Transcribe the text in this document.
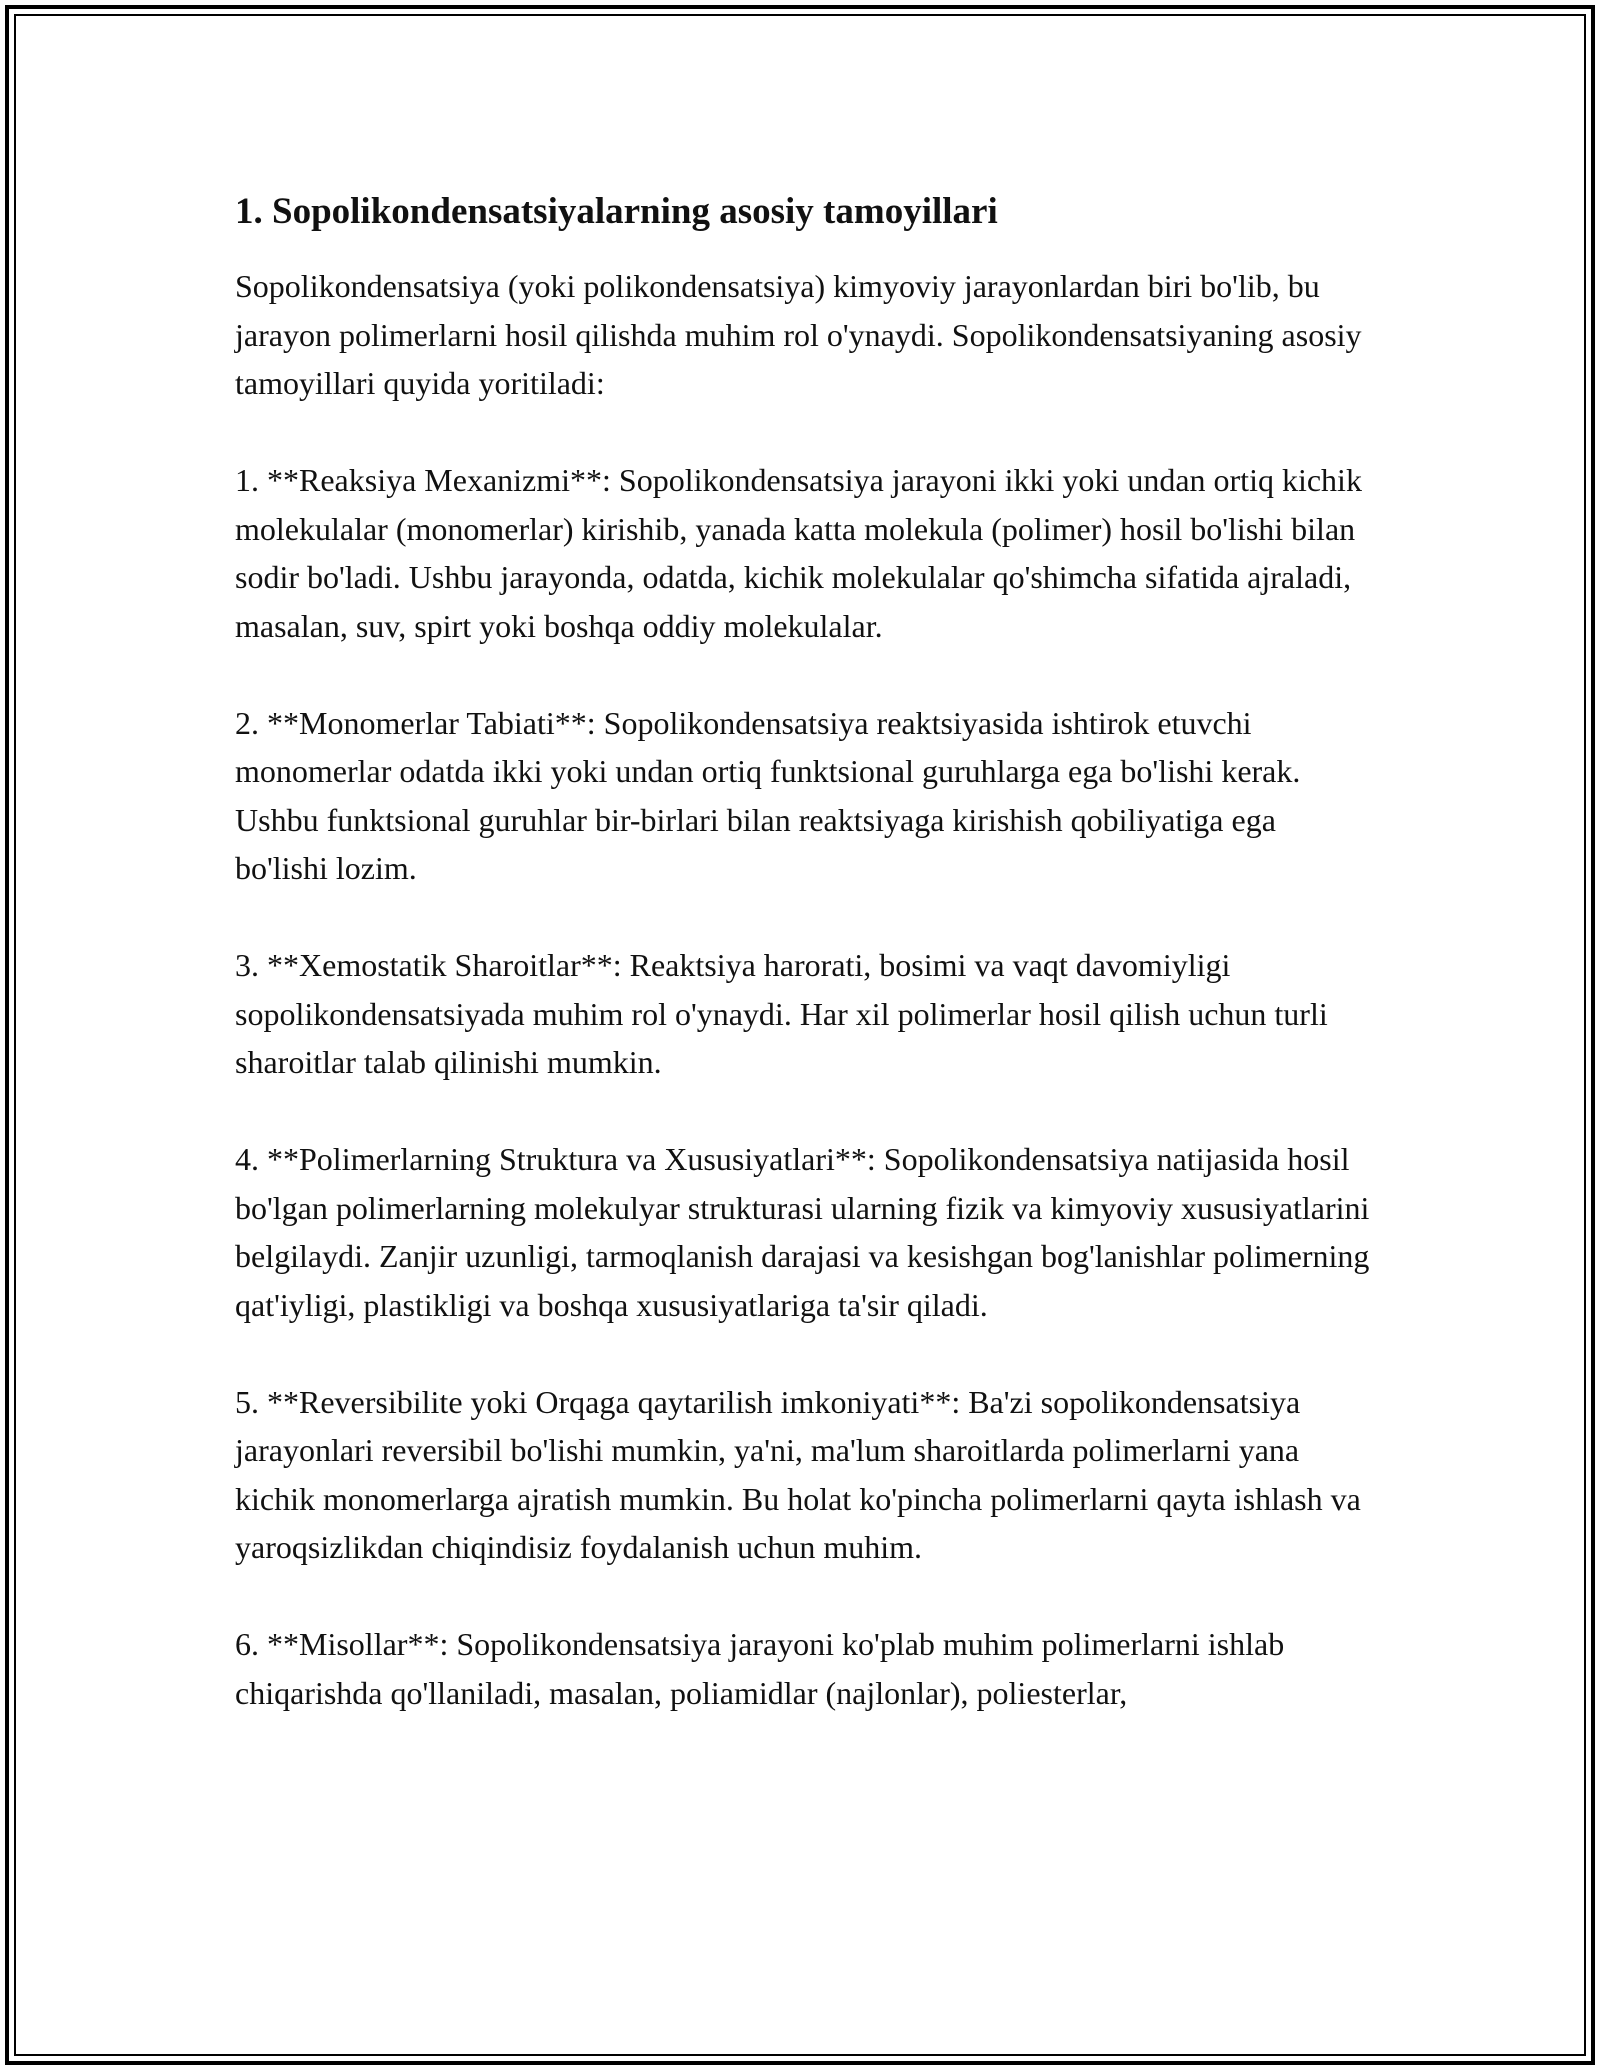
1. Sopolikondensatsiyalarning asosiy tamoyillari

Sopolikondensatsiya (yoki polikondensatsiya) kimyoviy jarayonlardan biri bo'lib, bu jarayon polimerlarni hosil qilishda muhim rol o'ynaydi. Sopolikondensatsiyaning asosiy tamoyillari quyida yoritiladi:

1. **Reaksiya Mexanizmi**: Sopolikondensatsiya jarayoni ikki yoki undan ortiq kichik molekulalar (monomerlar) kirishib, yanada katta molekula (polimer) hosil bo'lishi bilan sodir bo'ladi. Ushbu jarayonda, odatda, kichik molekulalar qo'shimcha sifatida ajraladi, masalan, suv, spirt yoki boshqa oddiy molekulalar.

2. **Monomerlar Tabiati**: Sopolikondensatsiya reaktsiyasida ishtirok etuvchi monomerlar odatda ikki yoki undan ortiq funktsional guruhlarga ega bo'lishi kerak. Ushbu funktsional guruhlar bir-birlari bilan reaktsiyaga kirishish qobiliyatiga ega bo'lishi lozim.

3. **Xemostatik Sharoitlar**: Reaktsiya harorati, bosimi va vaqt davomiyligi sopolikondensatsiyada muhim rol o'ynaydi. Har xil polimerlar hosil qilish uchun turli sharoitlar talab qilinishi mumkin.

4. **Polimerlarning Struktura va Xususiyatlari**: Sopolikondensatsiya natijasida hosil bo'lgan polimerlarning molekulyar strukturasi ularning fizik va kimyoviy xususiyatlarini belgilaydi. Zanjir uzunligi, tarmoqlanish darajasi va kesishgan bog'lanishlar polimerning qat'iyligi, plastikligi va boshqa xususiyatlariga ta'sir qiladi.

5. **Reversibilite yoki Orqaga qaytarilish imkoniyati**: Ba'zi sopolikondensatsiya jarayonlari reversibil bo'lishi mumkin, ya'ni, ma'lum sharoitlarda polimerlarni yana kichik monomerlarga ajratish mumkin. Bu holat ko'pincha polimerlarni qayta ishlash va yaroqsizlikdan chiqindisiz foydalanish uchun muhim.

6. **Misollar**: Sopolikondensatsiya jarayoni ko'plab muhim polimerlarni ishlab chiqarishda qo'llaniladi, masalan, poliamidlar (najlonlar), poliesterlar,
